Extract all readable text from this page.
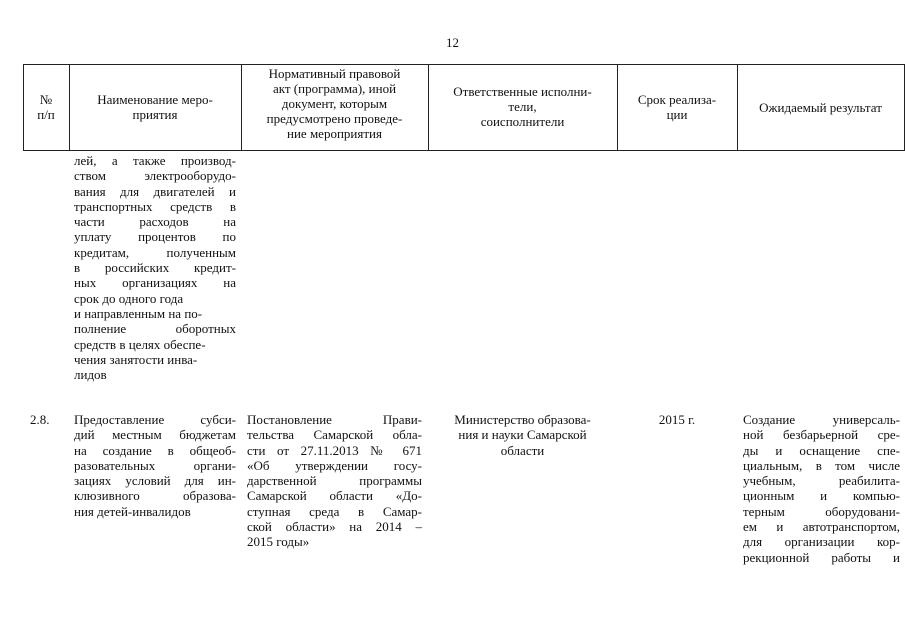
12
№
п/п
Наименование меро-
приятия
Нормативный правовой
акт (программа), иной
документ, которым
предусмотрено проведе-
ние мероприятия
Ответственные исполни-
тели,
соисполнители
Срок реализа-
ции	Ожидаемый результат
лей, а также производ-
ством электрооборудо-
вания для двигателей и
транспортных средств в
части расходов на
уплату процентов по
кредитам, полученным
в российских кредит-
ных организациях на
срок до одного года
и направленным на по-
полнение оборотных
средств в целях обеспе-
чения занятости инва-
лидов
2.8. Предоставление субси-
дий местным бюджетам
на создание в общеоб-
разовательных органи-
зациях условий для ин-
клюзивного образова-
ния детей-инвалидов
Постановление Прави-
тельства Самарской обла-
сти от 27.11.2013 № 671
«Об утверждении госу-
дарственной программы
Самарской области «До-
ступная среда в Самар-
ской области» на 2014 –
2015 годы»
Министерство образова-
ния и науки Самарской
области
2015 г.	Создание универсаль-
ной безбарьерной сре-
ды и оснащение спе-
циальным, в том числе
учебным, реабилита-
ционным и компью-
терным оборудовани-
ем и автотранспортом,
для организации кор-
рекционной работы и
